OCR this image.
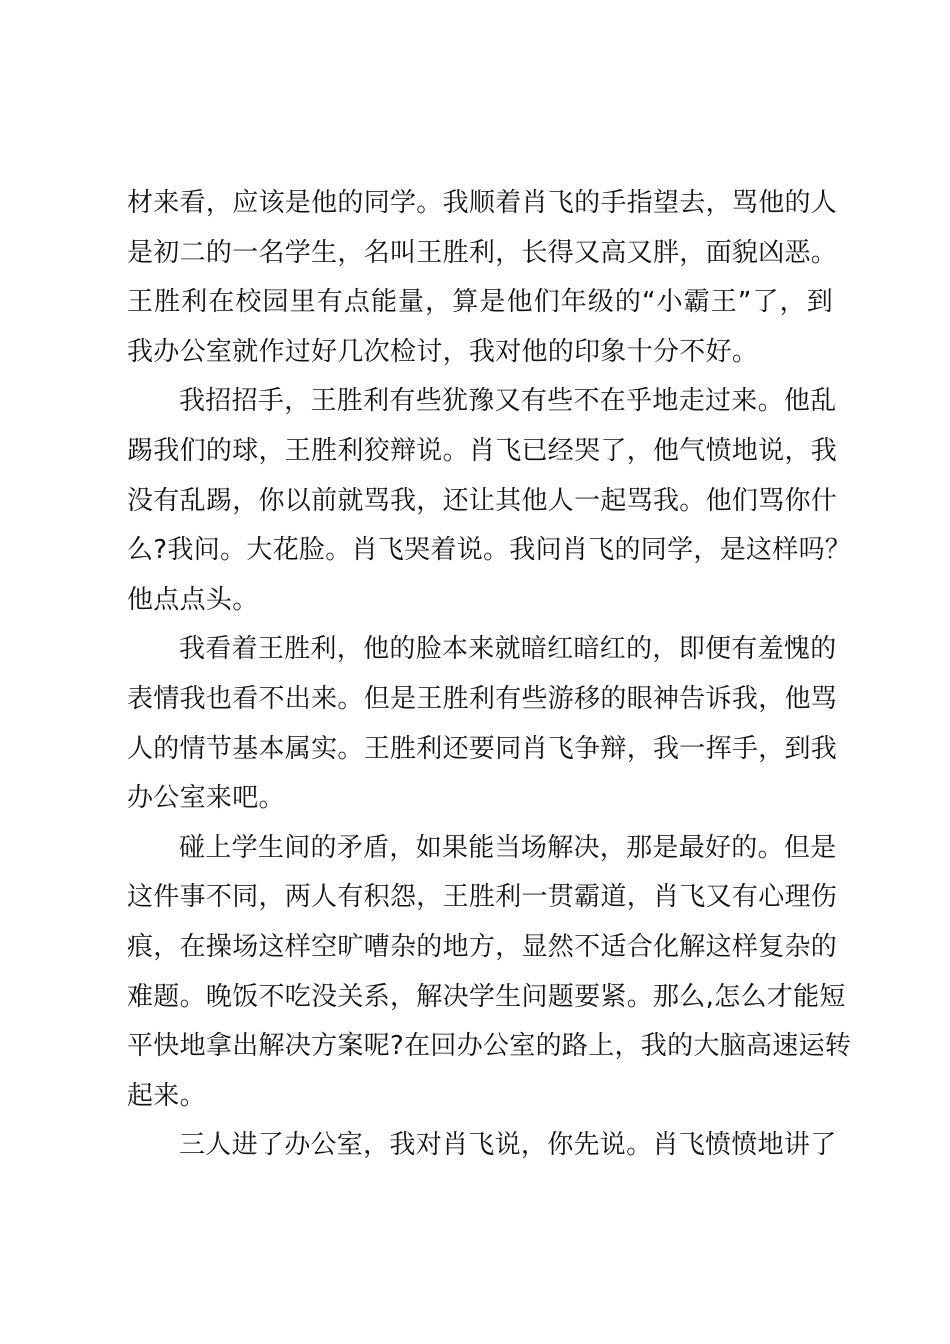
材来看，应该是他的同学。我顺着肖飞的手指望去，骂他的人
是初二的一名学生，名叫王胜利，长得又高又胖，面貌凶恶。
王胜利在校园里有点能量，算是他们年级的“小霸王”了，到
我办公室就作过好几次检讨，我对他的印象十分不好。
我招招手，王胜利有些犹豫又有些不在乎地走过来。他乱
踢我们的球，王胜利狡辩说。肖飞已经哭了，他气愤地说，我
没有乱踢，你以前就骂我，还让其他人一起骂我。他们骂你什
么?我问。大花脸。肖飞哭着说。我问肖飞的同学，是这样吗？
他点点头。
我看着王胜利，他的脸本来就暗红暗红的，即便有羞愧的
表情我也看不出来。但是王胜利有些游移的眼神告诉我，他骂
人的情节基本属实。王胜利还要同肖飞争辩，我一挥手，到我
办公室来吧。
碰上学生间的矛盾，如果能当场解决，那是最好的。但是
这件事不同，两人有积怨，王胜利一贯霸道，肖飞又有心理伤
痕，在操场这样空旷嘈杂的地方，显然不适合化解这样复杂的
难题。晚饭不吃没关系，解决学生问题要紧。那么,怎么才能短
平快地拿出解决方案呢?在回办公室的路上，我的大脑高速运转
起来。
三人进了办公室，我对肖飞说，你先说。肖飞愤愤地讲了
